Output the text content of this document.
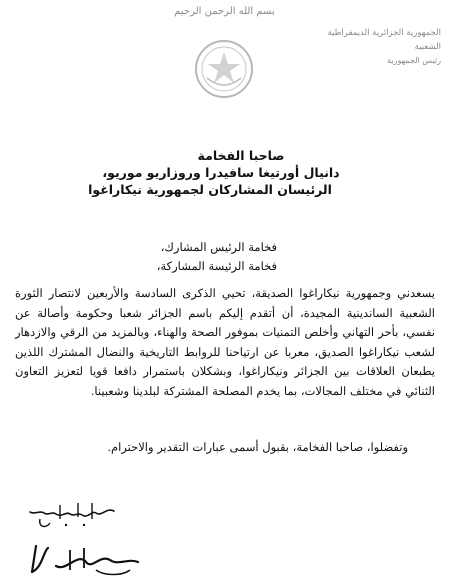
بسم الله الرحمن الرحيم
الجمهورية الجزائرية الديمقراطية الشعبية
رئيس الجمهورية
صاحبا الفخامة
دانيال أورتيغا سافيدرا وروزاريو موريو،
الرئيسان المشاركان لجمهورية نيكاراغوا
فخامة الرئيس المشارك،
فخامة الرئيسة المشاركة،
يسعدني وجمهورية نيكاراغوا الصديقة، تحيي الذكرى السادسة والأربعين لانتصار الثورة الشعبية الساندينية المجيدة، أن أتقدم إليكم باسم الجزائر شعبا وحكومة وأصالة عن نفسي، بأحر التهاني وأخلص التمنيات بموفور الصحة والهناء، وبالمزيد من الرقي والازدهار لشعب نيكاراغوا الصديق، معربا عن ارتياحنا للروابط التاريخية والنضال المشترك اللذين يطبعان العلاقات بين الجزائر ونيكاراغوا، وبشكلان باستمرار دافعا قويا لتعزيز التعاون الثنائي في مختلف المجالات، بما يخدم المصلحة المشتركة لبلدينا وشعبينا.
وتفضلوا، صاحبا الفخامة، بقبول أسمى عبارات التقدير والاحترام.
